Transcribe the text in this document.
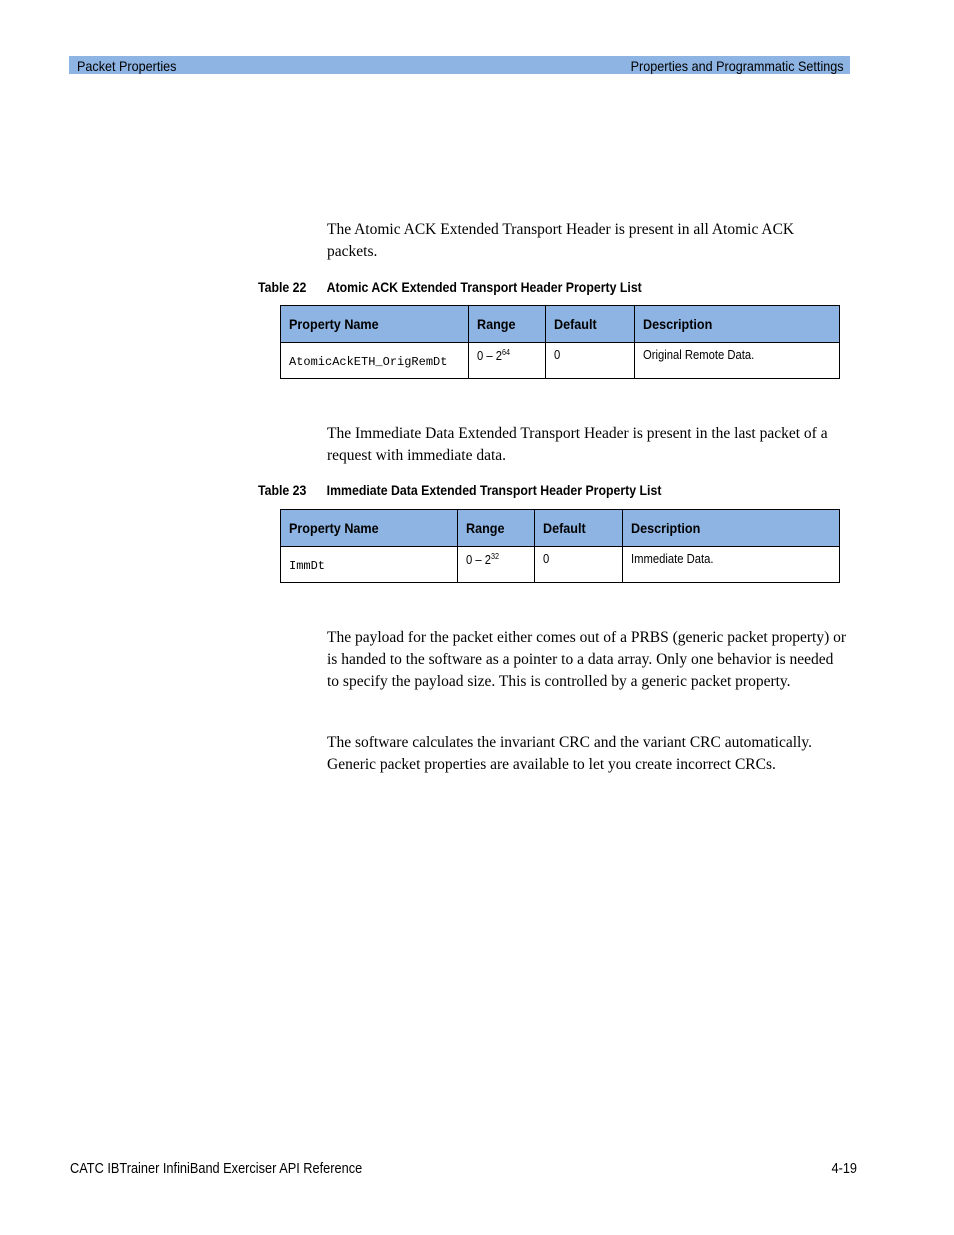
Packet Properties	Properties and Programmatic Settings

The Atomic ACK Extended Transport Header is present in all Atomic ACK packets.

Table 22 Atomic ACK Extended Transport Header Property List
Property Name	Range	Default	Description
AtomicAckETH_OrigRemDt	$0 - 2^{64}$	0	Original Remote Data.

The Immediate Data Extended Transport Header is present in the last packet of a request with immediate data.

Table 23 Immediate Data Extended Transport Header Property List
Property Name	Range	Default	Description
ImmDt	$0 - 2^{32}$	0	Immediate Data.

The payload for the packet either comes out of a PRBS (generic packet property) or is handed to the software as a pointer to a data array. Only one behavior is needed to specify the payload size. This is controlled by a generic packet property.

The software calculates the invariant CRC and the variant CRC automatically. Generic packet properties are available to let you create incorrect CRCs.

CATC IBTrainer InfiniBand Exerciser API Reference	4-19
